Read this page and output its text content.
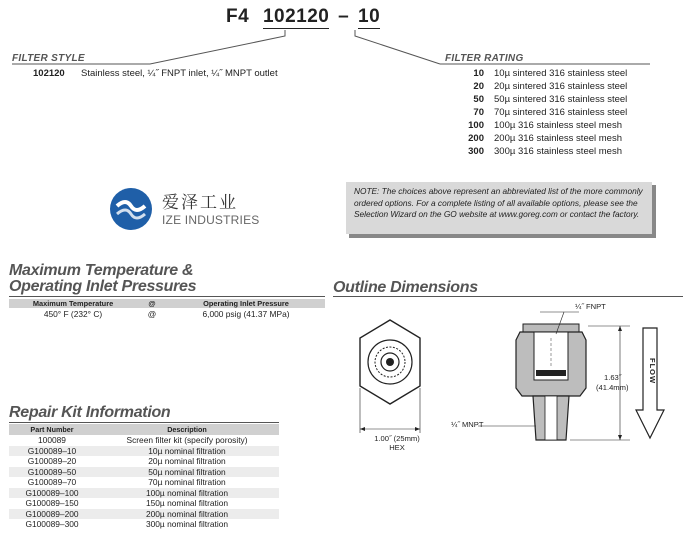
F4 102120 – 10
FILTER STYLE
102120 Stainless steel, ¼˝ FNPT inlet, ¼˝ MNPT outlet
FILTER RATING
10 10µ sintered 316 stainless steel
20 20µ sintered 316 stainless steel
50 50µ sintered 316 stainless steel
70 70µ sintered 316 stainless steel
100 100µ 316 stainless steel mesh
200 200µ 316 stainless steel mesh
300 300µ 316 stainless steel mesh
爱泽工业
IZE INDUSTRIES
NOTE: The choices above represent an abbreviated list of the more commonly ordered options. For a complete listing of all available options, please see the Selection Wizard on the GO website at www.goreg.com or contact the factory.
Maximum Temperature &
Operating Inlet Pressures
Maximum Temperature	@	Operating Inlet Pressure
450° F (232° C)	@	6,000 psig (41.37 MPa)
Repair Kit Information
Part Number	Description
100089	Screen filter kit (specify porosity)
G100089–10	10µ nominal filtration
G100089–20	20µ nominal filtration
G100089–50	50µ nominal filtration
G100089–70	70µ nominal filtration
G100089–100	100µ nominal filtration
G100089–150	150µ nominal filtration
G100089–200	200µ nominal filtration
G100089–300	300µ nominal filtration
Outline Dimensions
¼˝ FNPT
¼˝ MNPT
1.63˝
(41.4mm)
1.00˝ (25mm)
HEX
FLOW
